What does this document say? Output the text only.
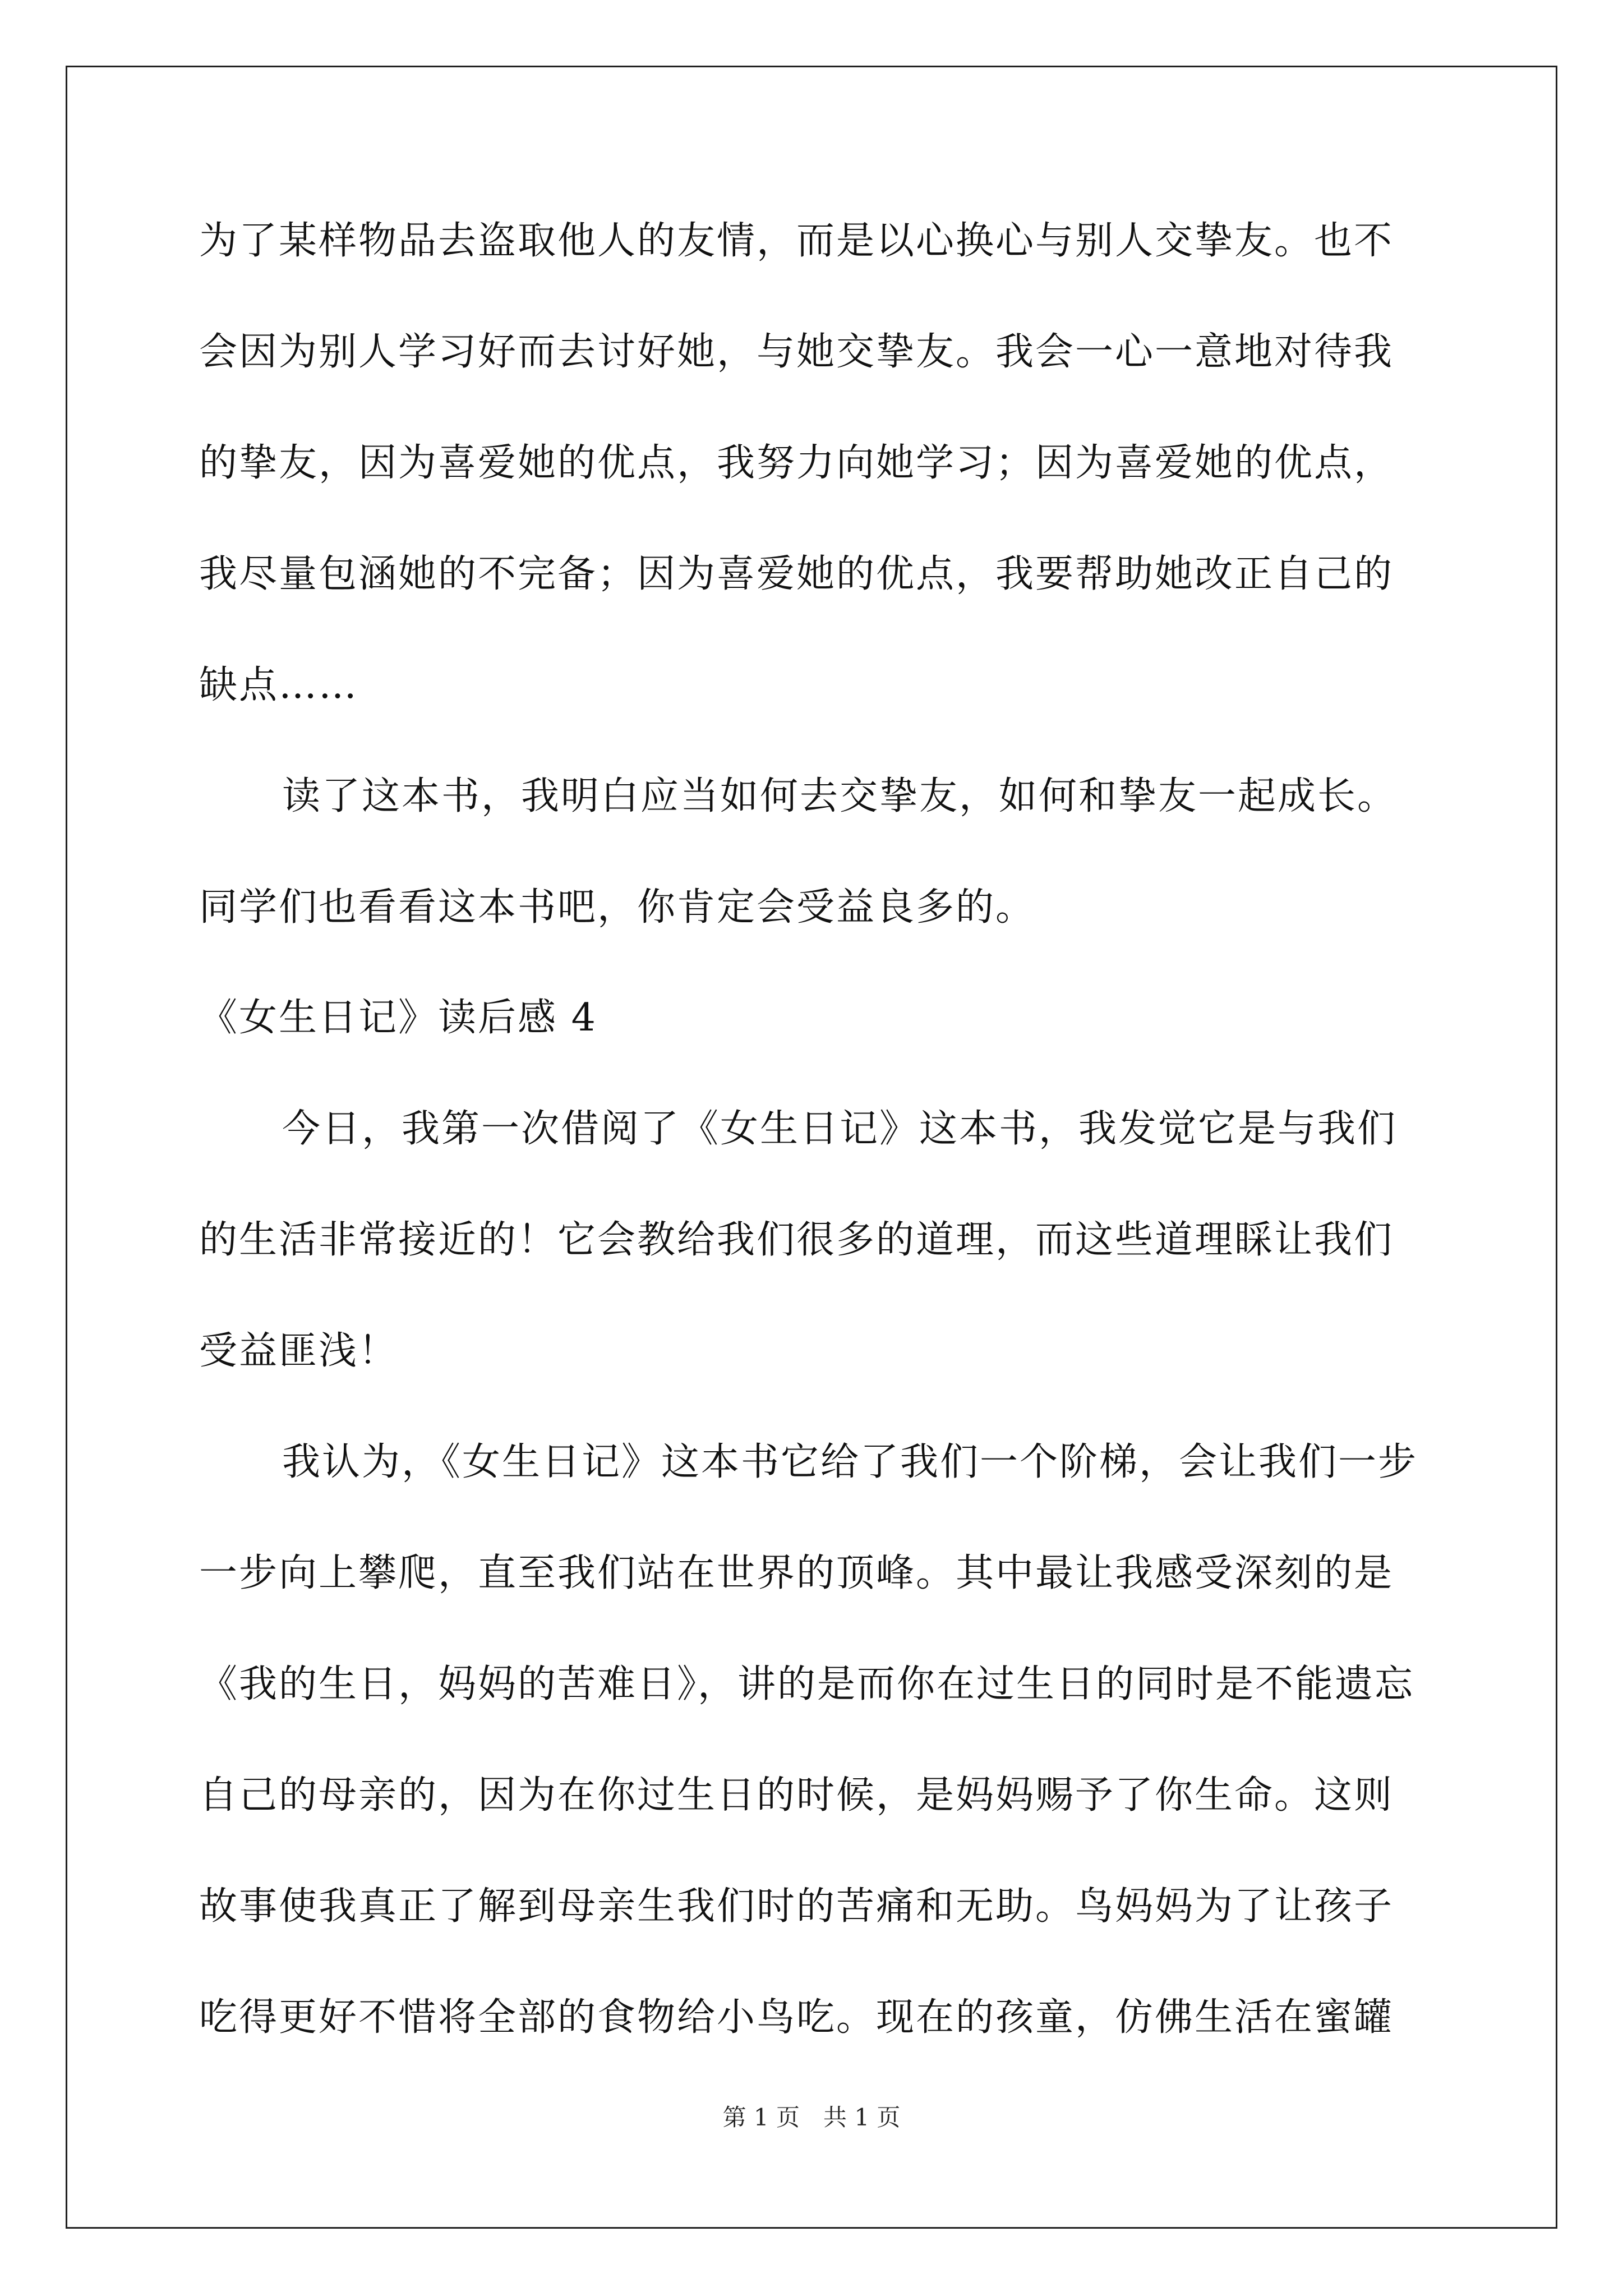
为了某样物品去盗取他人的友情，而是以心换心与别人交挚友。也不
会因为别人学习好而去讨好她，与她交挚友。我会一心一意地对待我
的挚友，因为喜爱她的优点，我努力向她学习；因为喜爱她的优点，
我尽量包涵她的不完备；因为喜爱她的优点，我要帮助她改正自己的
缺点……
读了这本书，我明白应当如何去交挚友，如何和挚友一起成长。
同学们也看看这本书吧，你肯定会受益良多的。
《女生日记》读后感 4
今日，我第一次借阅了《女生日记》这本书，我发觉它是与我们
的生活非常接近的！它会教给我们很多的道理，而这些道理睬让我们
受益匪浅！
我认为，《女生日记》这本书它给了我们一个阶梯，会让我们一步
一步向上攀爬，直至我们站在世界的顶峰。其中最让我感受深刻的是
《我的生日，妈妈的苦难日》，讲的是而你在过生日的同时是不能遗忘
自己的母亲的，因为在你过生日的时候，是妈妈赐予了你生命。这则
故事使我真正了解到母亲生我们时的苦痛和无助。鸟妈妈为了让孩子
吃得更好不惜将全部的食物给小鸟吃。现在的孩童，仿佛生活在蜜罐
第 1 页　共 1 页
